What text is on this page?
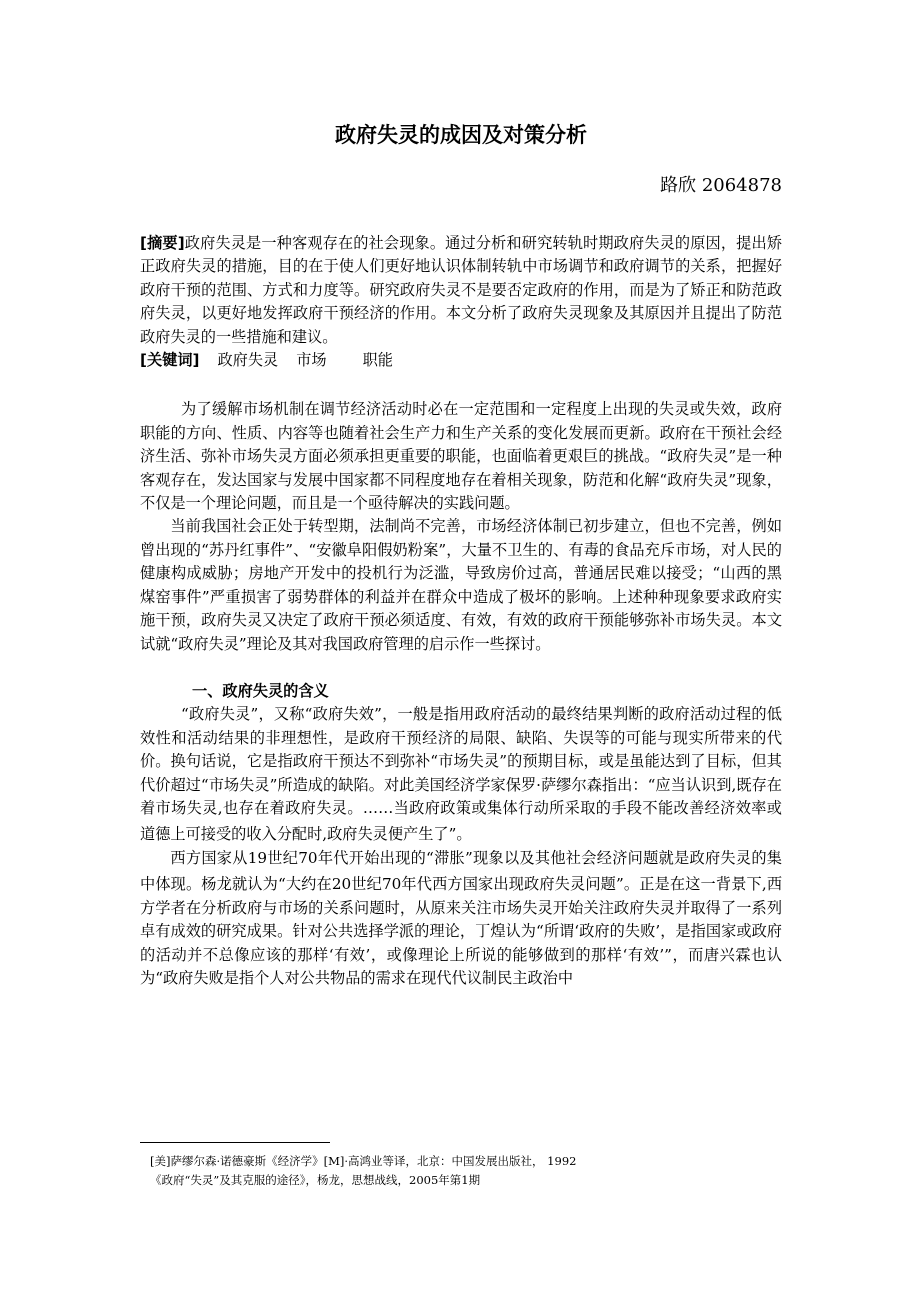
政府失灵的成因及对策分析
路欣 2064878

[摘要]政府失灵是一种客观存在的社会现象。通过分析和研究转轨时期政府失灵的原因，提出矫正政府失灵的措施，目的在于使人们更好地认识体制转轨中市场调节和政府调节的关系，把握好政府干预的范围、方式和力度等。研究政府失灵不是要否定政府的作用，而是为了矫正和防范政府失灵，以更好地发挥政府干预经济的作用。本文分析了政府失灵现象及其原因并且提出了防范政府失灵的一些措施和建议。

[关键词] 政府失灵 市场 职能

为了缓解市场机制在调节经济活动时必在一定范围和一定程度上出现的失灵或失效，政府职能的方向、性质、内容等也随着社会生产力和生产关系的变化发展而更新。政府在干预社会经济生活、弥补市场失灵方面必须承担更重要的职能，也面临着更艰巨的挑战。“政府失灵”是一种客观存在，发达国家与发展中国家都不同程度地存在着相关现象，防范和化解“政府失灵”现象，不仅是一个理论问题，而且是一个亟待解决的实践问题。

当前我国社会正处于转型期，法制尚不完善，市场经济体制已初步建立，但也不完善，例如曾出现的“苏丹红事件”、“安徽阜阳假奶粉案”，大量不卫生的、有毒的食品充斥市场，对人民的健康构成威胁；房地产开发中的投机行为泛滥，导致房价过高，普通居民难以接受；“山西的黑煤窑事件”严重损害了弱势群体的利益并在群众中造成了极坏的影响。上述种种现象要求政府实施干预，政府失灵又决定了政府干预必须适度、有效，有效的政府干预能够弥补市场失灵。本文试就“政府失灵”理论及其对我国政府管理的启示作一些探讨。

一、政府失灵的含义

“政府失灵”，又称“政府失效”，一般是指用政府活动的最终结果判断的政府活动过程的低效性和活动结果的非理想性，是政府干预经济的局限、缺陷、失误等的可能与现实所带来的代价。换句话说，它是指政府干预达不到弥补“市场失灵”的预期目标，或是虽能达到了目标，但其代价超过“市场失灵”所造成的缺陷。对此美国经济学家保罗·萨缪尔森指出：“应当认识到,既存在着市场失灵,也存在着政府失灵。……当政府政策或集体行动所采取的手段不能改善经济效率或道德上可接受的收入分配时,政府失灵便产生了”。

西方国家从19世纪70年代开始出现的“滞胀”现象以及其他社会经济问题就是政府失灵的集中体现。杨龙就认为“大约在20世纪70年代西方国家出现政府失灵问题”。正是在这一背景下,西方学者在分析政府与市场的关系问题时，从原来关注市场失灵开始关注政府失灵并取得了一系列卓有成效的研究成果。针对公共选择学派的理论，丁煌认为“所谓‘政府的失败’，是指国家或政府的活动并不总像应该的那样‘有效’，或像理论上所说的能够做到的那样‘有效’”，而唐兴霖也认为“政府失败是指个人对公共物品的需求在现代代议制民主政治中

[美]萨缪尔森·诺德豪斯《经济学》[M]·高鸿业等译，北京：中国发展出版社， 1992
《政府“失灵”及其克服的途径》，杨龙，思想战线，2005年第1期
